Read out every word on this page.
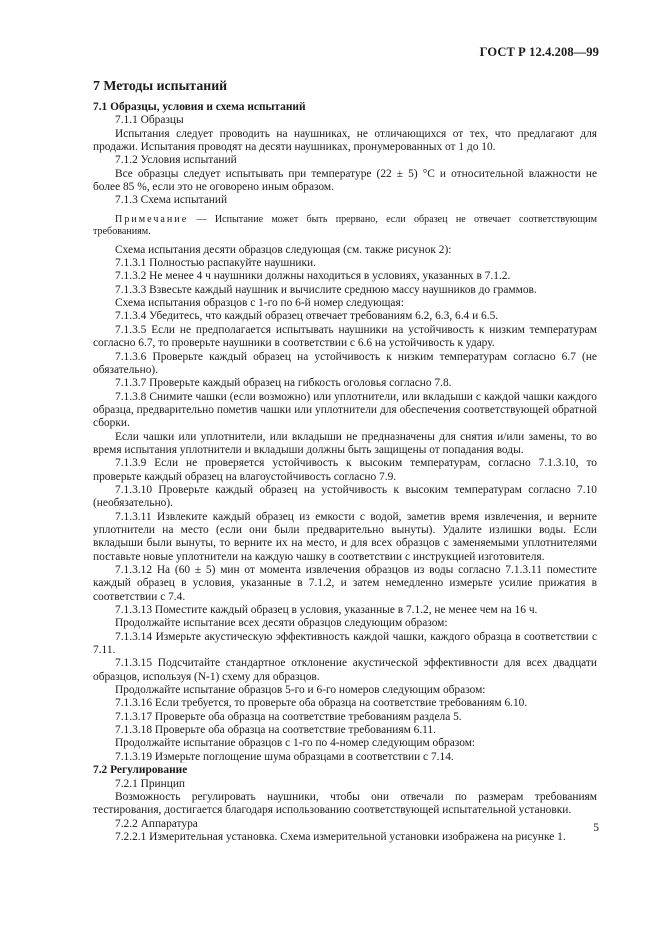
ГОСТ Р 12.4.208—99

7 Методы испытаний

7.1 Образцы, условия и схема испытаний

7.1.1 Образцы

Испытания следует проводить на наушниках, не отличающихся от тех, что предлагают для продажи. Испытания проводят на десяти наушниках, пронумерованных от 1 до 10.

7.1.2 Условия испытаний

Все образцы следует испытывать при температуре (22 ± 5) °С и относительной влажности не более 85 %, если это не оговорено иным образом.

7.1.3 Схема испытаний

Примечание — Испытание может быть прервано, если образец не отвечает соответствующим требованиям.

Схема испытания десяти образцов следующая (см. также рисунок 2):

7.1.3.1 Полностью распакуйте наушники.

7.1.3.2 Не менее 4 ч наушники должны находиться в условиях, указанных в 7.1.2.

7.1.3.3 Взвесьте каждый наушник и вычислите среднюю массу наушников до граммов.

Схема испытания образцов с 1-го по 6-й номер следующая:

7.1.3.4 Убедитесь, что каждый образец отвечает требованиям 6.2, 6.3, 6.4 и 6.5.

7.1.3.5 Если не предполагается испытывать наушники на устойчивость к низким температурам согласно 6.7, то проверьте наушники в соответствии с 6.6 на устойчивость к удару.

7.1.3.6 Проверьте каждый образец на устойчивость к низким температурам согласно 6.7 (не обязательно).

7.1.3.7 Проверьте каждый образец на гибкость оголовья согласно 7.8.

7.1.3.8 Снимите чашки (если возможно) или уплотнители, или вкладыши с каждой чашки каждого образца, предварительно пометив чашки или уплотнители для обеспечения соответствующей обратной сборки.

Если чашки или уплотнители, или вкладыши не предназначены для снятия и/или замены, то во время испытания уплотнители и вкладыши должны быть защищены от попадания воды.

7.1.3.9 Если не проверяется устойчивость к высоким температурам, согласно 7.1.3.10, то проверьте каждый образец на влагоустойчивость согласно 7.9.

7.1.3.10 Проверьте каждый образец на устойчивость к высоким температурам согласно 7.10 (необязательно).

7.1.3.11 Извлеките каждый образец из емкости с водой, заметив время извлечения, и верните уплотнители на место (если они были предварительно вынуты). Удалите излишки воды. Если вкладыши были вынуты, то верните их на место, и для всех образцов с заменяемыми уплотнителями поставьте новые уплотнители на каждую чашку в соответствии с инструкцией изготовителя.

7.1.3.12 На (60 ± 5) мин от момента извлечения образцов из воды согласно 7.1.3.11 поместите каждый образец в условия, указанные в 7.1.2, и затем немедленно измерьте усилие прижатия в соответствии с 7.4.

7.1.3.13 Поместите каждый образец в условия, указанные в 7.1.2, не менее чем на 16 ч.

Продолжайте испытание всех десяти образцов следующим образом:

7.1.3.14 Измерьте акустическую эффективность каждой чашки, каждого образца в соответствии с 7.11.

7.1.3.15 Подсчитайте стандартное отклонение акустической эффективности для всех двадцати образцов, используя (N-1) схему для образцов.

Продолжайте испытание образцов 5-го и 6-го номеров следующим образом:

7.1.3.16 Если требуется, то проверьте оба образца на соответствие требованиям 6.10.

7.1.3.17 Проверьте оба образца на соответствие требованиям раздела 5.

7.1.3.18 Проверьте оба образца на соответствие требованиям 6.11.

Продолжайте испытание образцов с 1-го по 4-номер следующим образом:

7.1.3.19 Измерьте поглощение шума образцами в соответствии с 7.14.

7.2 Регулирование

7.2.1 Принцип

Возможность регулировать наушники, чтобы они отвечали по размерам требованиям тестирования, достигается благодаря использованию соответствующей испытательной установки.

7.2.2 Аппаратура

7.2.2.1 Измерительная установка. Схема измерительной установки изображена на рисунке 1.

5
